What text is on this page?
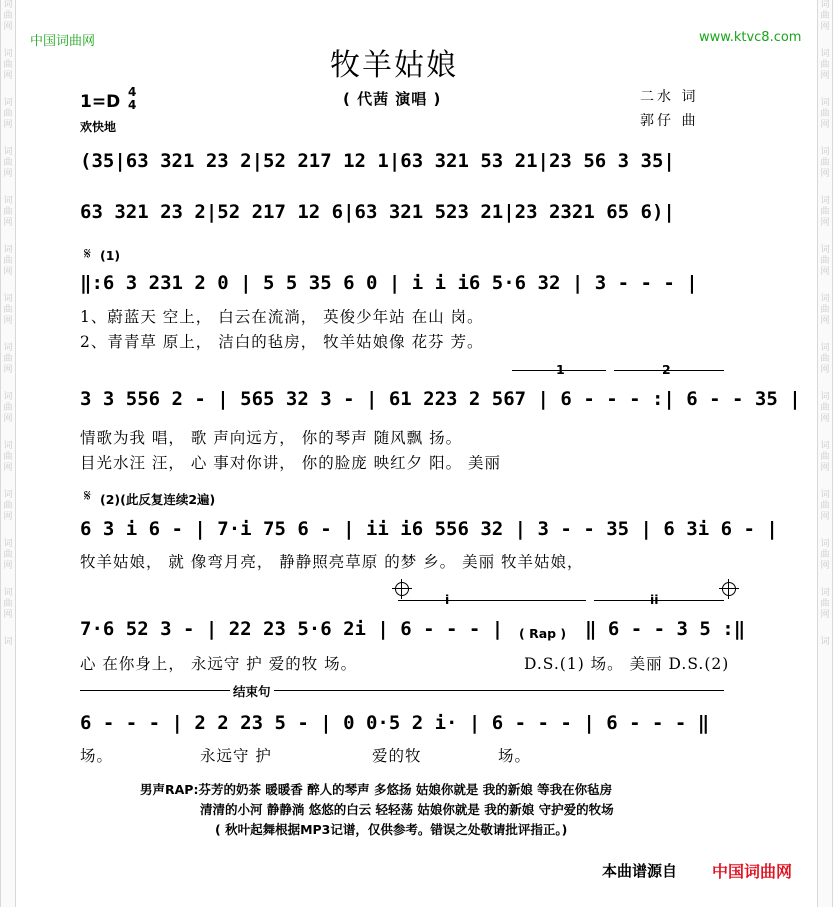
词
曲
网
词
曲
网
词
曲
网
词
曲
网
词
曲
网
词
曲
网
词
曲
网
词
曲
网
词
曲
网
词
曲
网
词
曲
网
词
曲
网
词
曲
网
词
词
曲
网
词
曲
网
词
曲
网
词
曲
网
词
曲
网
词
曲
网
词
曲
网
词
曲
网
词
曲
网
词
曲
网
词
曲
网
词
曲
网
词
曲
网
词
中国词曲网	www.ktvc8.com
牧羊姑娘
1=D 4
4
欢快地
( 代茜 演唱 )	二水 词
郭仔 曲
(35|63 321 23 2|52 217 12 1|63 321 53 21|23 56 3 35|
63 321 23 2|52 217 12 6|63 321 523 21|23 2321 65 6)|
𝄋 (1)
‖:6 3 231 2 0 | 5 5 35 6 0 | i i i6 5·6 32 | 3 - - - |
1、蔚蓝天 空上， 白云在流淌， 英俊少年站 在山 岗。
2、青青草 原上， 洁白的毡房， 牧羊姑娘像 花芬 芳。
1	2
3 3 556 2 - | 565 32 3 - | 61 223 2 567 | 6 - - - :| 6 - - 35 |
情歌为我 唱， 歌 声向远方， 你的琴声 随风飘 扬。
目光水汪 汪， 心 事对你讲， 你的脸庞 映红夕 阳。 美丽
𝄋 (2)(此反复连续2遍)
6 3 i 6 - | 7·i 75 6 - | ii i6 556 32 | 3 - - 35 | 6 3i 6 - |
牧羊姑娘， 就 像弯月亮， 静静照亮草原 的梦 乡。 美丽 牧羊姑娘，
i	ii
7·6 52 3 - | 22 23 5·6 2i | 6 - - - | ( Rap ) ‖ 6 - - 3 5 :‖
心 在你身上， 永远守 护 爱的牧 场。	D.S.(1) 场。 美丽 D.S.(2)
结束句
6 - - - | 2 2 23 5 - | 0 0·5 2 i· | 6 - - - | 6 - - - ‖
场。	永远守 护	爱的牧	场。
男声RAP:芬芳的奶茶 暖暖香 醉人的琴声 多悠扬 姑娘你就是 我的新娘 等我在你毡房
清清的小河 静静淌 悠悠的白云 轻轻荡 姑娘你就是 我的新娘 守护爱的牧场
( 秋叶起舞根据MP3记谱，仅供参考。错误之处敬请批评指正。)
本曲谱源自 中国词曲网
